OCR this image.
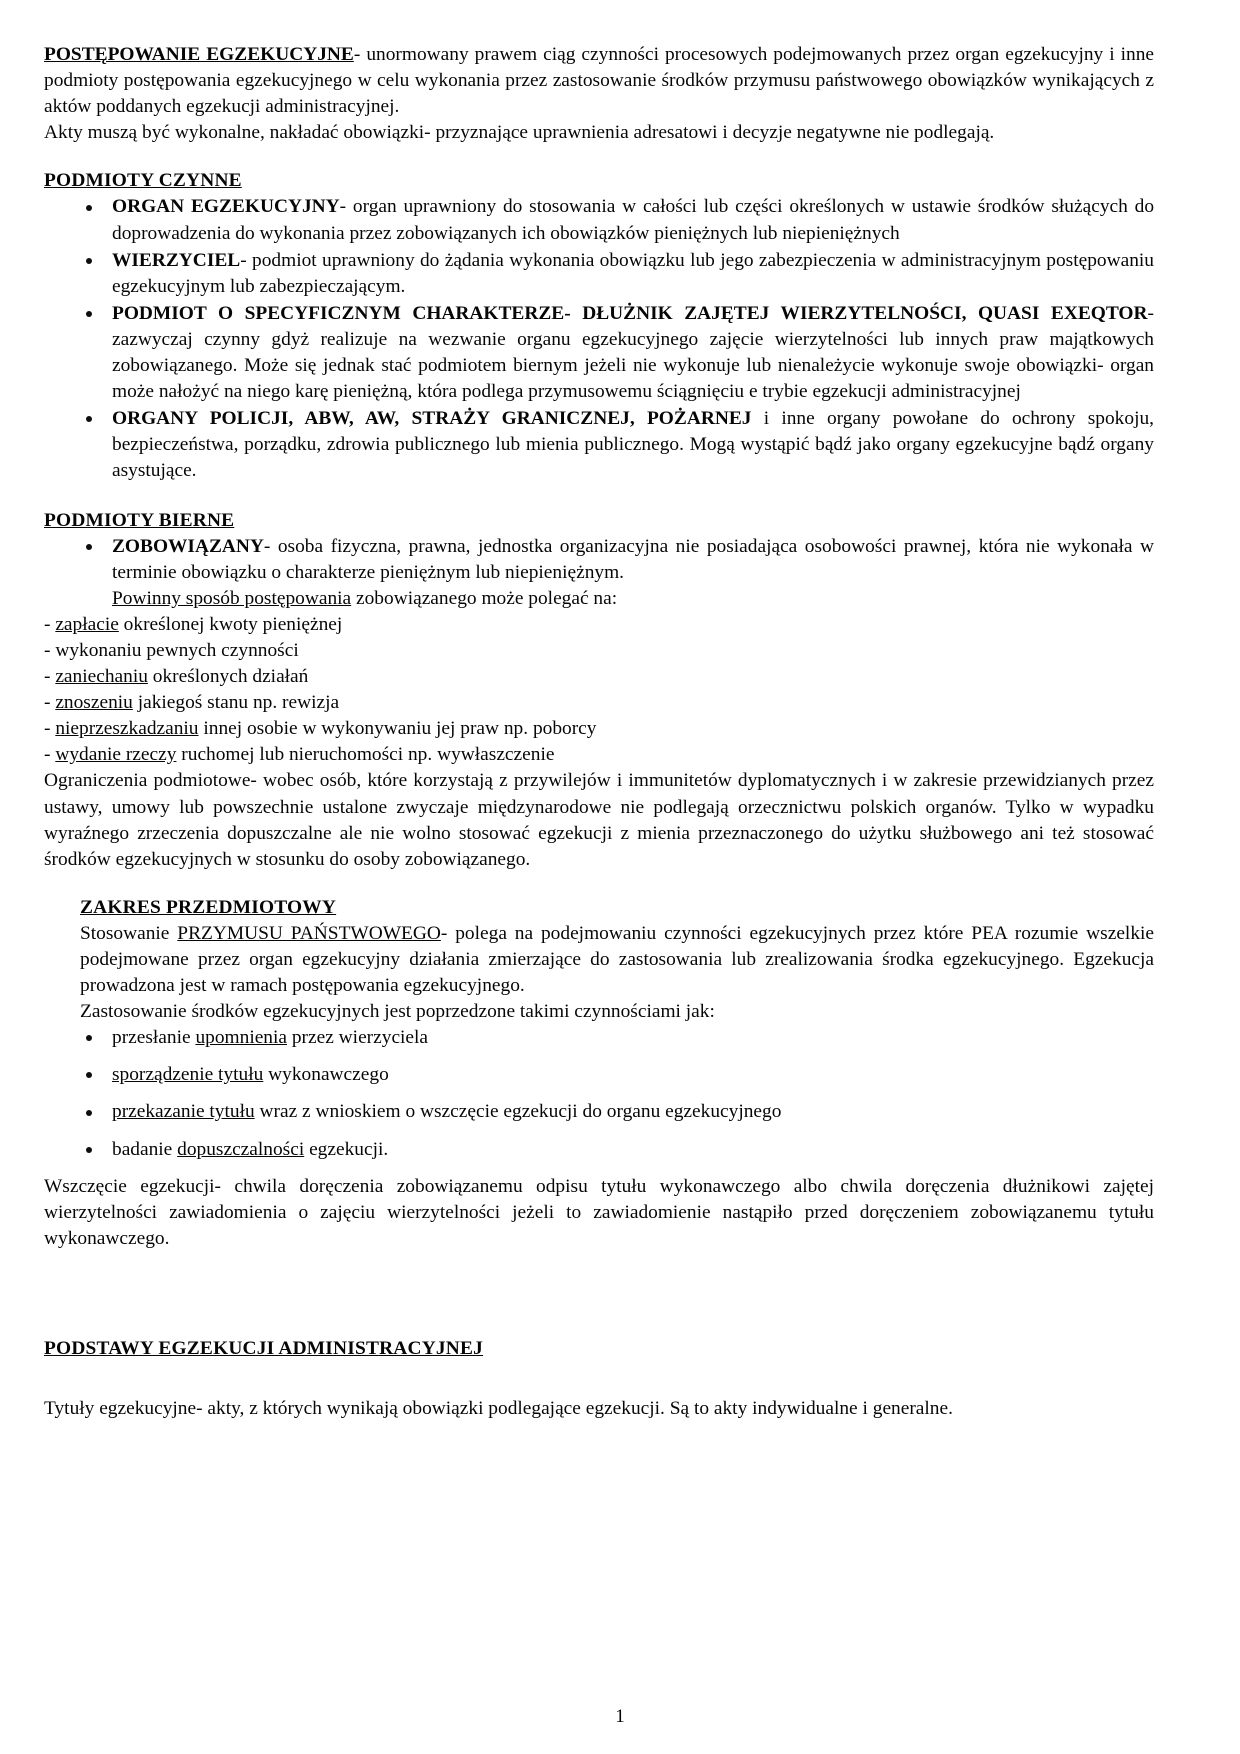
POSTĘPOWANIE EGZEKUCYJNE- unormowany prawem ciąg czynności procesowych podejmowanych przez organ egzekucyjny i inne podmioty postępowania egzekucyjnego w celu wykonania przez zastosowanie środków przymusu państwowego obowiązków wynikających z aktów poddanych egzekucji administracyjnej.

Akty muszą być wykonalne, nakładać obowiązki- przyznające uprawnienia adresatowi i decyzje negatywne nie podlegają.

PODMIOTY CZYNNE
ORGAN EGZEKUCYJNY- organ uprawniony do stosowania w całości lub części określonych w ustawie środków służących do doprowadzenia do wykonania przez zobowiązanych ich obowiązków pieniężnych lub niepieniężnych
WIERZYCIEL- podmiot uprawniony do żądania wykonania obowiązku lub jego zabezpieczenia w administracyjnym postępowaniu egzekucyjnym lub zabezpieczającym.
PODMIOT O SPECYFICZNYM CHARAKTERZE- DŁUŻNIK ZAJĘTEJ WIERZYTELNOŚCI, QUASI EXEQTOR- zazwyczaj czynny gdyż realizuje na wezwanie organu egzekucyjnego zajęcie wierzytelności lub innych praw majątkowych zobowiązanego. Może się jednak stać podmiotem biernym jeżeli nie wykonuje lub nienależycie wykonuje swoje obowiązki- organ może nałożyć na niego karę pieniężną, która podlega przymusowemu ściągnięciu e trybie egzekucji administracyjnej
ORGANY POLICJI, ABW, AW, STRAŻY GRANICZNEJ, POŻARNEJ i inne organy powołane do ochrony spokoju, bezpieczeństwa, porządku, zdrowia publicznego lub mienia publicznego. Mogą wystąpić bądź jako organy egzekucyjne bądź organy asystujące.
PODMIOTY BIERNE
ZOBOWIĄZANY- osoba fizyczna, prawna, jednostka organizacyjna nie posiadająca osobowości prawnej, która nie wykonała w terminie obowiązku o charakterze pieniężnym lub niepieniężnym.
Powinny sposób postępowania zobowiązanego może polegać na:
- zapłacie określonej kwoty pieniężnej
- wykonaniu pewnych czynności
- zaniechaniu określonych działań
- znoszeniu jakiegoś stanu np. rewizja
- nieprzeszkadzaniu innej osobie w wykonywaniu jej praw np. poborcy
- wydanie rzeczy ruchomej lub nieruchomości np. wywłaszczenie

Ograniczenia podmiotowe- wobec osób, które korzystają z przywilejów i immunitetów dyplomatycznych i w zakresie przewidzianych przez ustawy, umowy lub powszechnie ustalone zwyczaje międzynarodowe nie podlegają orzecznictwu polskich organów. Tylko w wypadku wyraźnego zrzeczenia dopuszczalne ale nie wolno stosować egzekucji z mienia przeznaczonego do użytku służbowego ani też stosować środków egzekucyjnych w stosunku do osoby zobowiązanego.

ZAKRES PRZEDMIOTOWY

Stosowanie PRZYMUSU PAŃSTWOWEGO- polega na podejmowaniu czynności egzekucyjnych przez które PEA rozumie wszelkie podejmowane przez organ egzekucyjny działania zmierzające do zastosowania lub zrealizowania środka egzekucyjnego. Egzekucja prowadzona jest w ramach postępowania egzekucyjnego.

Zastosowanie środków egzekucyjnych jest poprzedzone takimi czynnościami jak:

przesłanie upomnienia przez wierzyciela
sporządzenie tytułu wykonawczego
przekazanie tytułu wraz z wnioskiem o wszczęcie egzekucji do organu egzekucyjnego
badanie dopuszczalności egzekucji.

Wszczęcie egzekucji- chwila doręczenia zobowiązanemu odpisu tytułu wykonawczego albo chwila doręczenia dłużnikowi zajętej wierzytelności zawiadomienia o zajęciu wierzytelności jeżeli to zawiadomienie nastąpiło przed doręczeniem zobowiązanemu tytułu wykonawczego.

PODSTAWY EGZEKUCJI ADMINISTRACYJNEJ

Tytuły egzekucyjne- akty, z których wynikają obowiązki podlegające egzekucji. Są to akty indywidualne i generalne.

1
